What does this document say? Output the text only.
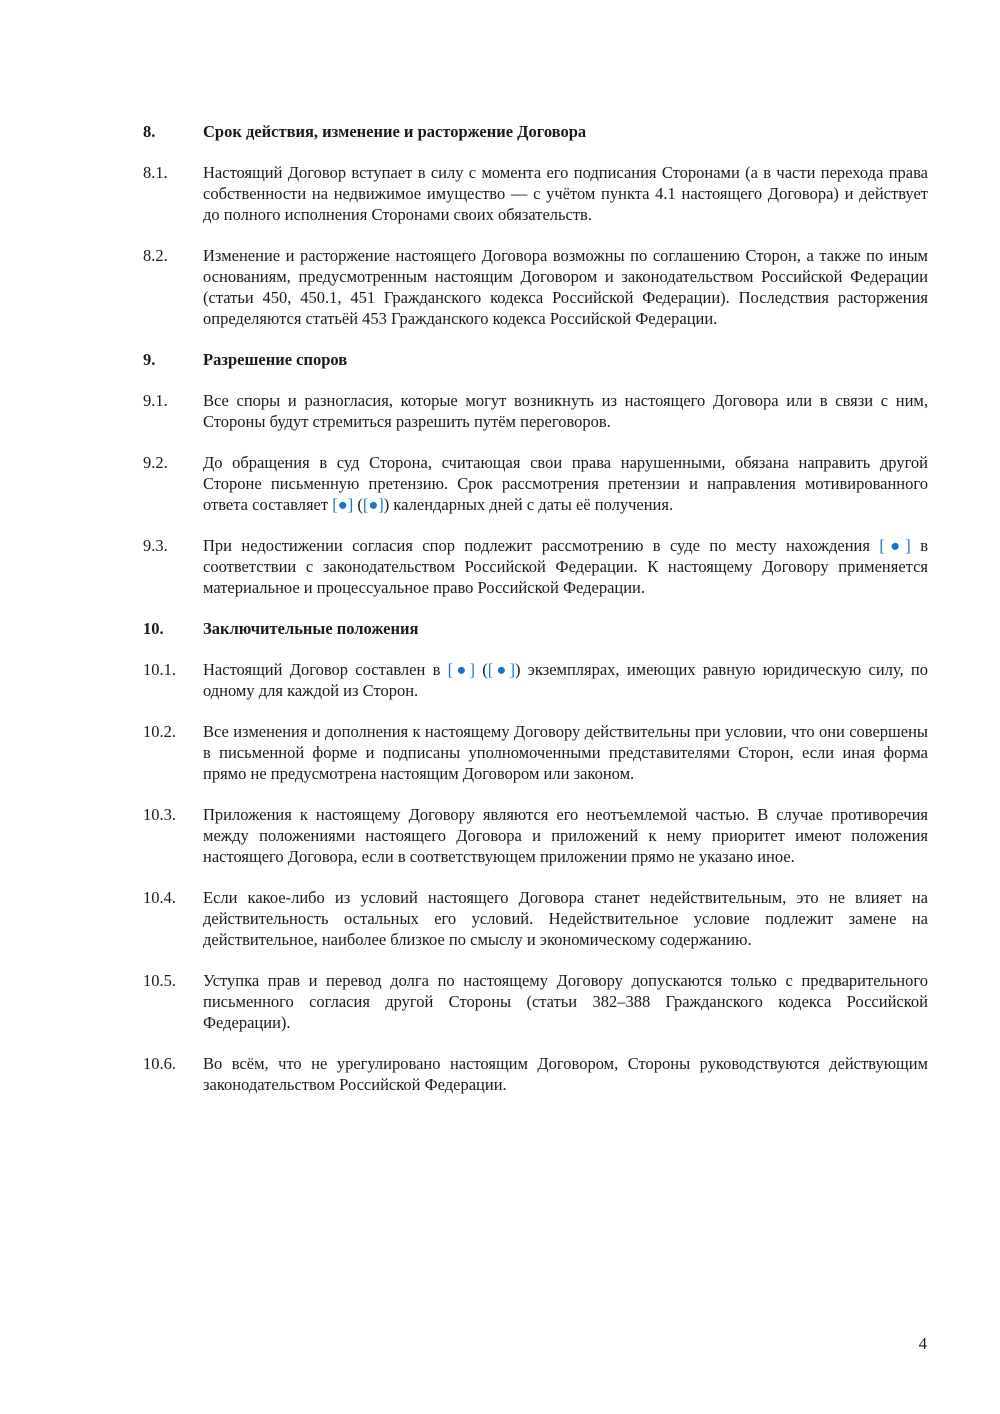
8.	Срок действия, изменение и расторжение Договора
8.1.	Настоящий Договор вступает в силу с момента его подписания Сторонами (а в части перехода права собственности на недвижимое имущество — с учётом пункта 4.1 настоящего Договора) и действует до полного исполнения Сторонами своих обязательств.
8.2.	Изменение и расторжение настоящего Договора возможны по соглашению Сторон, а также по иным основаниям, предусмотренным настоящим Договором и законодательством Российской Федерации (статьи 450, 450.1, 451 Гражданского кодекса Российской Федерации). Последствия расторжения определяются статьёй 453 Гражданского кодекса Российской Федерации.
9.	Разрешение споров
9.1.	Все споры и разногласия, которые могут возникнуть из настоящего Договора или в связи с ним, Стороны будут стремиться разрешить путём переговоров.
9.2.	До обращения в суд Сторона, считающая свои права нарушенными, обязана направить другой Стороне письменную претензию. Срок рассмотрения претензии и направления мотивированного ответа составляет [●] ([●]) календарных дней с даты её получения.
9.3.	При недостижении согласия спор подлежит рассмотрению в суде по месту нахождения [●] в соответствии с законодательством Российской Федерации. К настоящему Договору применяется материальное и процессуальное право Российской Федерации.
10.	Заключительные положения
10.1.	Настоящий Договор составлен в [●] ([●]) экземплярах, имеющих равную юридическую силу, по одному для каждой из Сторон.
10.2.	Все изменения и дополнения к настоящему Договору действительны при условии, что они совершены в письменной форме и подписаны уполномоченными представителями Сторон, если иная форма прямо не предусмотрена настоящим Договором или законом.
10.3.	Приложения к настоящему Договору являются его неотъемлемой частью. В случае противоречия между положениями настоящего Договора и приложений к нему приоритет имеют положения настоящего Договора, если в соответствующем приложении прямо не указано иное.
10.4.	Если какое-либо из условий настоящего Договора станет недействительным, это не влияет на действительность остальных его условий. Недействительное условие подлежит замене на действительное, наиболее близкое по смыслу и экономическому содержанию.
10.5.	Уступка прав и перевод долга по настоящему Договору допускаются только с предварительного письменного согласия другой Стороны (статьи 382–388 Гражданского кодекса Российской Федерации).
10.6.	Во всём, что не урегулировано настоящим Договором, Стороны руководствуются действующим законодательством Российской Федерации.
4
